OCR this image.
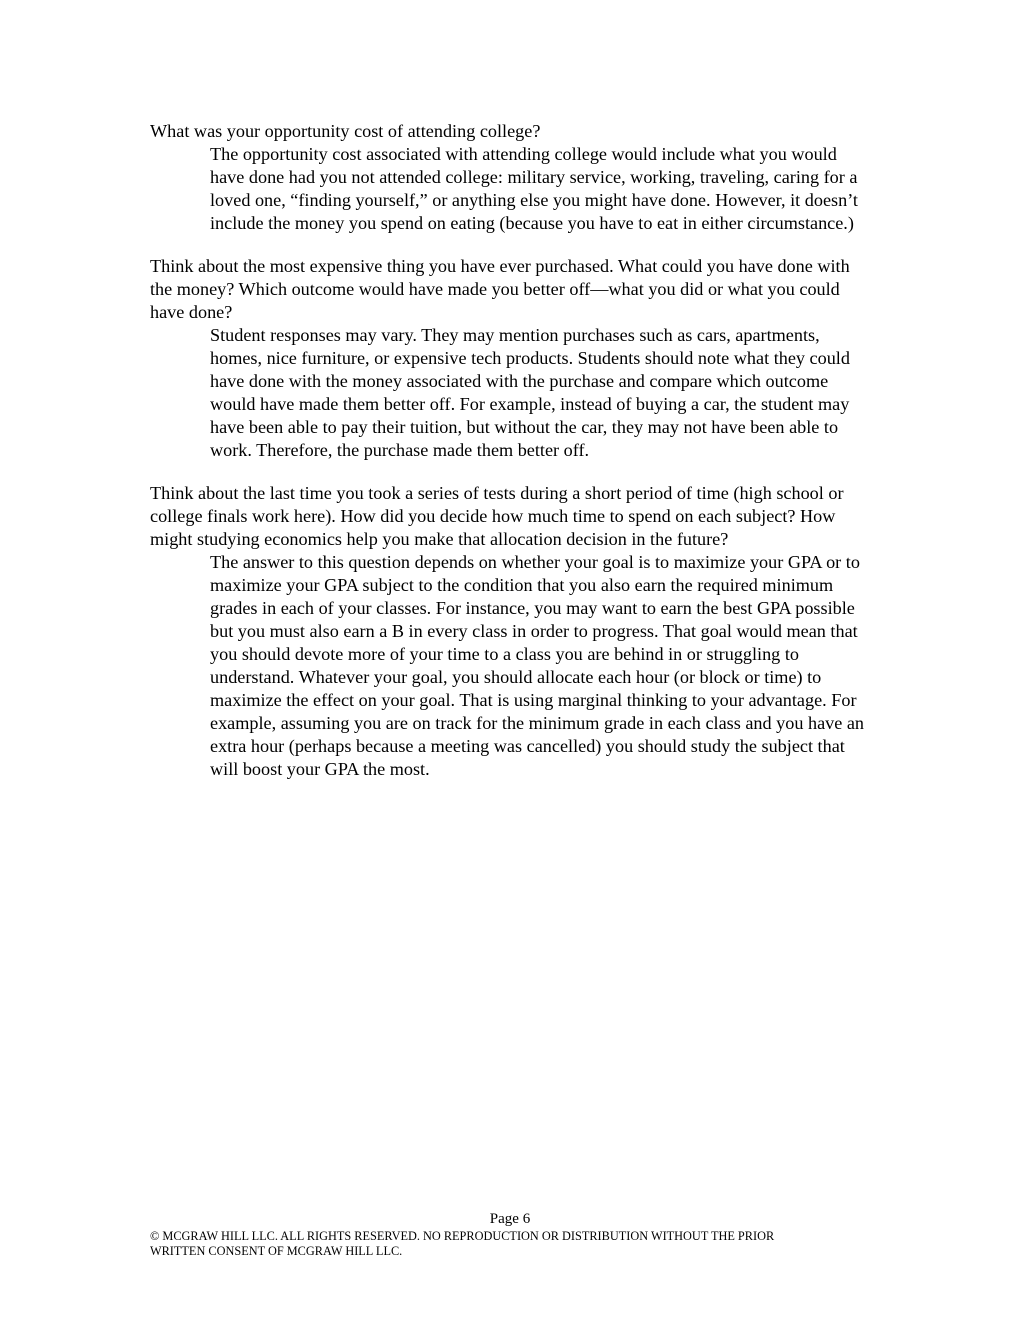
What was your opportunity cost of attending college?

The opportunity cost associated with attending college would include what you would have done had you not attended college: military service, working, traveling, caring for a loved one, “finding yourself,” or anything else you might have done. However, it doesn’t include the money you spend on eating (because you have to eat in either circumstance.)

Think about the most expensive thing you have ever purchased. What could you have done with the money? Which outcome would have made you better off—what you did or what you could have done?

Student responses may vary. They may mention purchases such as cars, apartments, homes, nice furniture, or expensive tech products. Students should note what they could have done with the money associated with the purchase and compare which outcome would have made them better off. For example, instead of buying a car, the student may have been able to pay their tuition, but without the car, they may not have been able to work. Therefore, the purchase made them better off.

Think about the last time you took a series of tests during a short period of time (high school or college finals work here). How did you decide how much time to spend on each subject? How might studying economics help you make that allocation decision in the future?

The answer to this question depends on whether your goal is to maximize your GPA or to maximize your GPA subject to the condition that you also earn the required minimum grades in each of your classes. For instance, you may want to earn the best GPA possible but you must also earn a B in every class in order to progress. That goal would mean that you should devote more of your time to a class you are behind in or struggling to understand. Whatever your goal, you should allocate each hour (or block or time) to maximize the effect on your goal. That is using marginal thinking to your advantage. For example, assuming you are on track for the minimum grade in each class and you have an extra hour (perhaps because a meeting was cancelled) you should study the subject that will boost your GPA the most.

Page 6
© MCGRAW HILL LLC. ALL RIGHTS RESERVED. NO REPRODUCTION OR DISTRIBUTION WITHOUT THE PRIOR
WRITTEN CONSENT OF MCGRAW HILL LLC.
